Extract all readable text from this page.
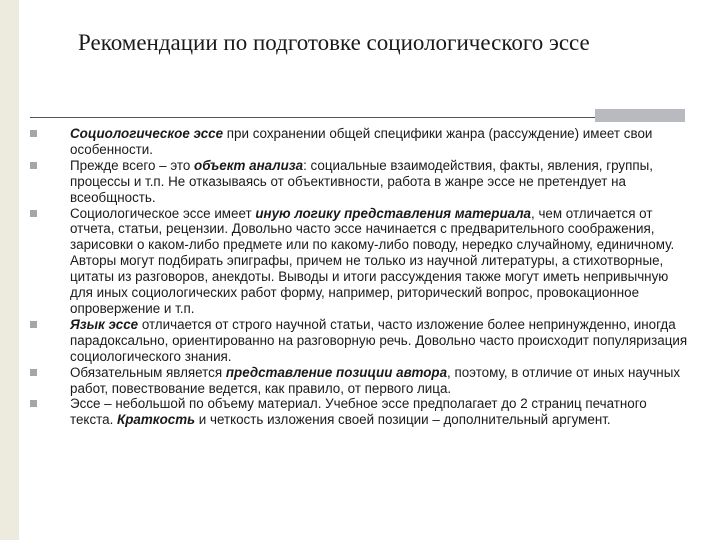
Рекомендации по подготовке социологического эссе
Социологическое эссе при сохранении общей специфики жанра (рассуждение) имеет свои особенности.
Прежде всего – это объект анализа: социальные взаимодействия, факты, явления, группы, процессы и т.п. Не отказываясь от объективности, работа в жанре эссе не претендует на всеобщность.
Социологическое эссе имеет иную логику представления материала, чем отличается от отчета, статьи, рецензии. Довольно часто эссе начинается с предварительного соображения, зарисовки о каком-либо предмете или по какому-либо поводу, нередко случайному, единичному. Авторы могут подбирать эпиграфы, причем не только из научной литературы, а стихотворные, цитаты из разговоров, анекдоты. Выводы и итоги рассуждения также могут иметь непривычную для иных социологических работ форму, например, риторический вопрос, провокационное опровержение и т.п.
Язык эссе отличается от строго научной статьи, часто изложение более непринужденно, иногда парадоксально, ориентированно на разговорную речь. Довольно часто происходит популяризация социологического знания.
Обязательным является представление позиции автора, поэтому, в отличие от иных научных работ, повествование ведется, как правило, от первого лица.
Эссе – небольшой по объему материал. Учебное эссе предполагает до 2 страниц печатного текста. Краткость и четкость изложения своей позиции – дополнительный аргумент.
